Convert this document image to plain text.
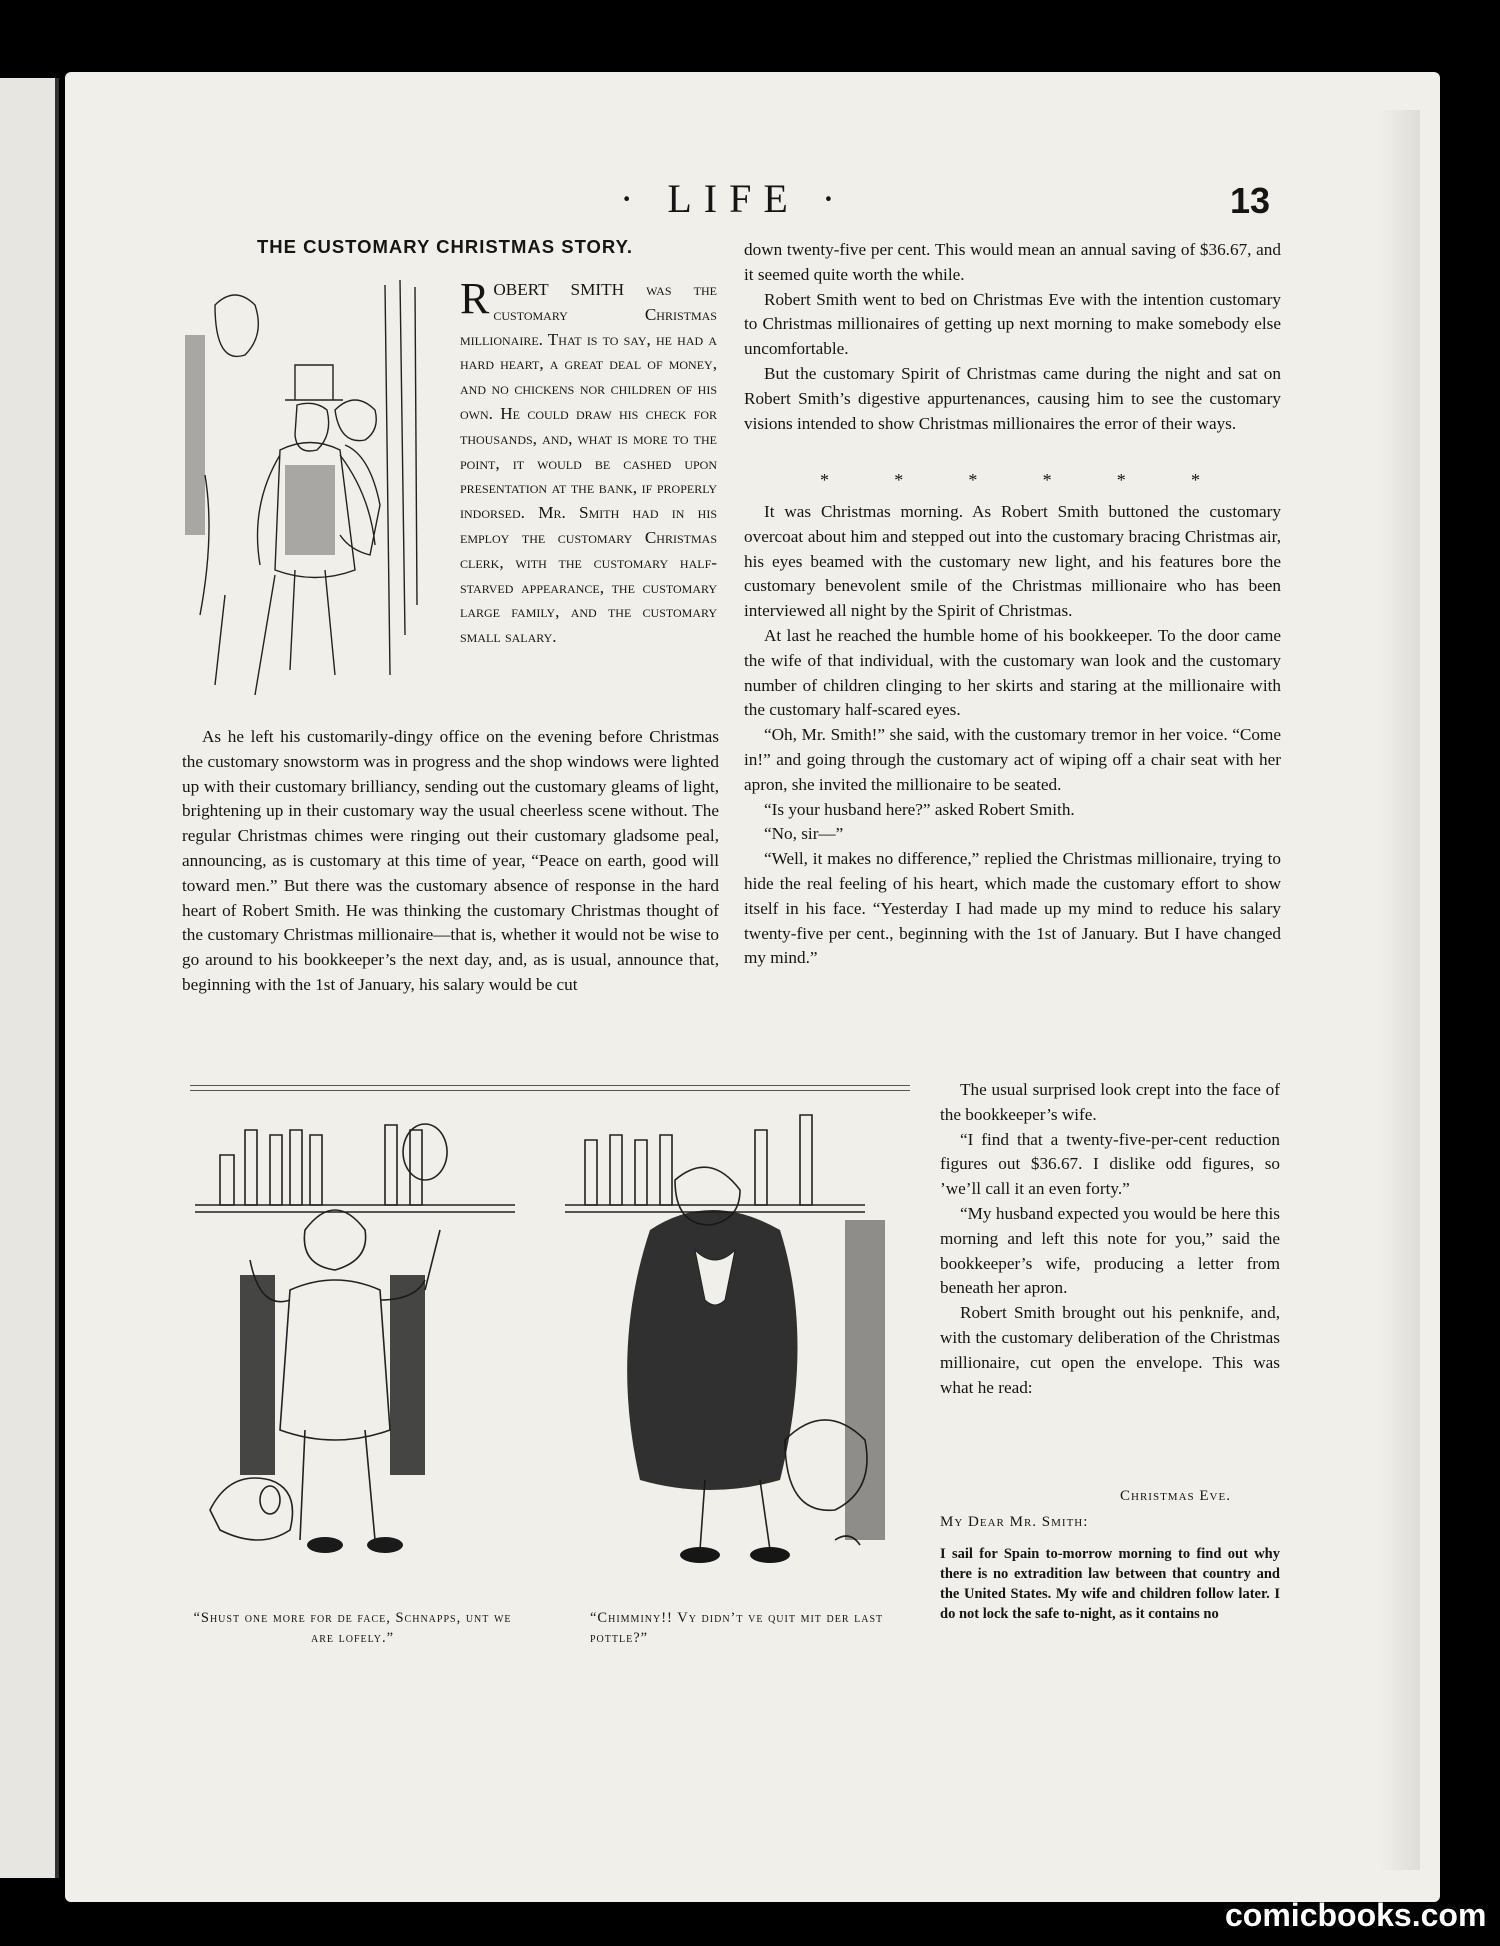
· LIFE ·	13
THE CUSTOMARY CHRISTMAS STORY.

ROBERT SMITH was the customary Christmas millionaire. That is to say, he had a hard heart, a great deal of money, and no chickens nor children of his own. He could draw his check for thousands, and, what is more to the point, it would be cashed upon presentation at the bank, if properly indorsed. Mr. Smith had in his employ the customary Christmas clerk, with the customary half-starved appearance, the customary large family, and the customary small salary.

As he left his customarily-dingy office on the evening before Christmas the customary snowstorm was in progress and the shop windows were lighted up with their customary brilliancy, sending out the customary gleams of light, brightening up in their customary way the usual cheerless scene without. The regular Christmas chimes were ringing out their customary gladsome peal, announcing, as is customary at this time of year, “Peace on earth, good will toward men.” But there was the customary absence of response in the hard heart of Robert Smith. He was thinking the customary Christmas thought of the customary Christmas millionaire—that is, whether it would not be wise to go around to his bookkeeper’s the next day, and, as is usual, announce that, beginning with the 1st of January, his salary would be cut

down twenty-five per cent. This would mean an annual saving of $36.67, and it seemed quite worth the while.

Robert Smith went to bed on Christmas Eve with the intention customary to Christmas millionaires of getting up next morning to make somebody else uncomfortable.

But the customary Spirit of Christmas came during the night and sat on Robert Smith’s digestive appurtenances, causing him to see the customary visions intended to show Christmas millionaires the error of their ways.

*	*	*	*	*	*

It was Christmas morning. As Robert Smith buttoned the customary overcoat about him and stepped out into the customary bracing Christmas air, his eyes beamed with the customary new light, and his features bore the customary benevolent smile of the Christmas millionaire who has been interviewed all night by the Spirit of Christmas.

At last he reached the humble home of his bookkeeper. To the door came the wife of that individual, with the customary wan look and the customary number of children clinging to her skirts and staring at the millionaire with the customary half-scared eyes.

“Oh, Mr. Smith!” she said, with the customary tremor in her voice. “Come in!” and going through the customary act of wiping off a chair seat with her apron, she invited the millionaire to be seated.

“Is your husband here?” asked Robert Smith.

“No, sir—”

“Well, it makes no difference,” replied the Christmas millionaire, trying to hide the real feeling of his heart, which made the customary effort to show itself in his face. “Yesterday I had made up my mind to reduce his salary twenty-five per cent., beginning with the 1st of January. But I have changed my mind.”

The usual surprised look crept into the face of the bookkeeper’s wife.

“I find that a twenty-five-per-cent reduction figures out $36.67. I dislike odd figures, so ’we’ll call it an even forty.”

“My husband expected you would be here this morning and left this note for you,” said the bookkeeper’s wife, producing a letter from beneath her apron.

Robert Smith brought out his penknife, and, with the customary deliberation of the Christmas millionaire, cut open the envelope. This was what he read:

Christmas Eve.
My Dear Mr. Smith:
I sail for Spain to-morrow morning to find out why there is no extradition law between that country and the United States. My wife and children follow later. I do not lock the safe to-night, as it contains no
“Shust one more for de face, Schnapps, unt we are lofely.”
“Chimminy!! Vy didn’t ve quit mit der last pottle?”
comicbooks.com
